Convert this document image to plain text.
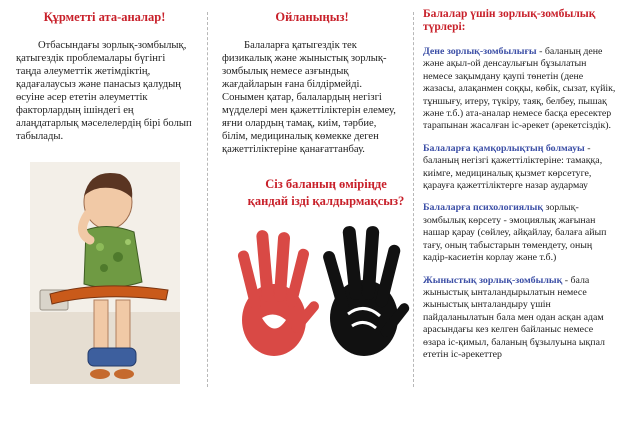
Құрметті ата-аналар!

Отбасындағы зорлық-зомбылық, қатыгездік проблемалары бүгінгі таңда әлеуметтік жетімдіктің, қадағалаусыз және панасыз қалудың өсуіне әсер ететін әлеуметтік факторлардың ішіндегі ең алаңдатарлық мәселелердің бірі болып табылады.

Ойланыңыз!

Балаларға қатыгездік тек физикалық және жыныстық зорлық-зомбылық немесе азғындық жағдайларын ғана білдірмейді. Сонымен қатар, балалардың негізгі мүдделері мен қажеттіліктерін елемеу, яғни олардың тамақ, киім, тәрбие, білім, медициналық көмекке деген қажеттіліктеріне қанағаттанбау.

Сіз баланың өміріңде қандай ізді қалдырмақсыз?
Балалар үшін зорлық-зомбылық түрлері:

Дене зорлық-зомбылығы - баланың дене және ақыл-ой денсаулығын бұзылатын немесе зақымдану қаупі төнетін (дене жазасы, алақанмен соққы, көбік, сызат, күйік, тұншығу, итеру, түкіру, таяқ, белбеу, пышақ және т.б.) ата-аналар немесе басқа ересектер тарапынан жасалған іс-әрекет (әрекетсіздік).

Балаларға қамқорлықтың болмауы - баланың негізгі қажеттіліктеріне: тамаққа, киімге, медициналық қызмет көрсетуге, қарауға қажеттіліктерге назар аудармау

Балаларға психологиялық зорлық-зомбылық көрсету - эмоциялық жағынан нашар қарау (сөйлеу, айқайлау, балаға айып тағу, оның табыстарын төмендету, оның кадір-касиетін корлау және т.б.)

Жыныстық зорлық-зомбылық - бала жыныстық ынталандырылатын немесе жыныстық ынталандыру үшін пайдаланылатын бала мен одан асқан адам арасындағы кез келген байланыс немесе өзара іс-қимыл, баланың бұзылуына ықпал ететін іс-әрекеттер
